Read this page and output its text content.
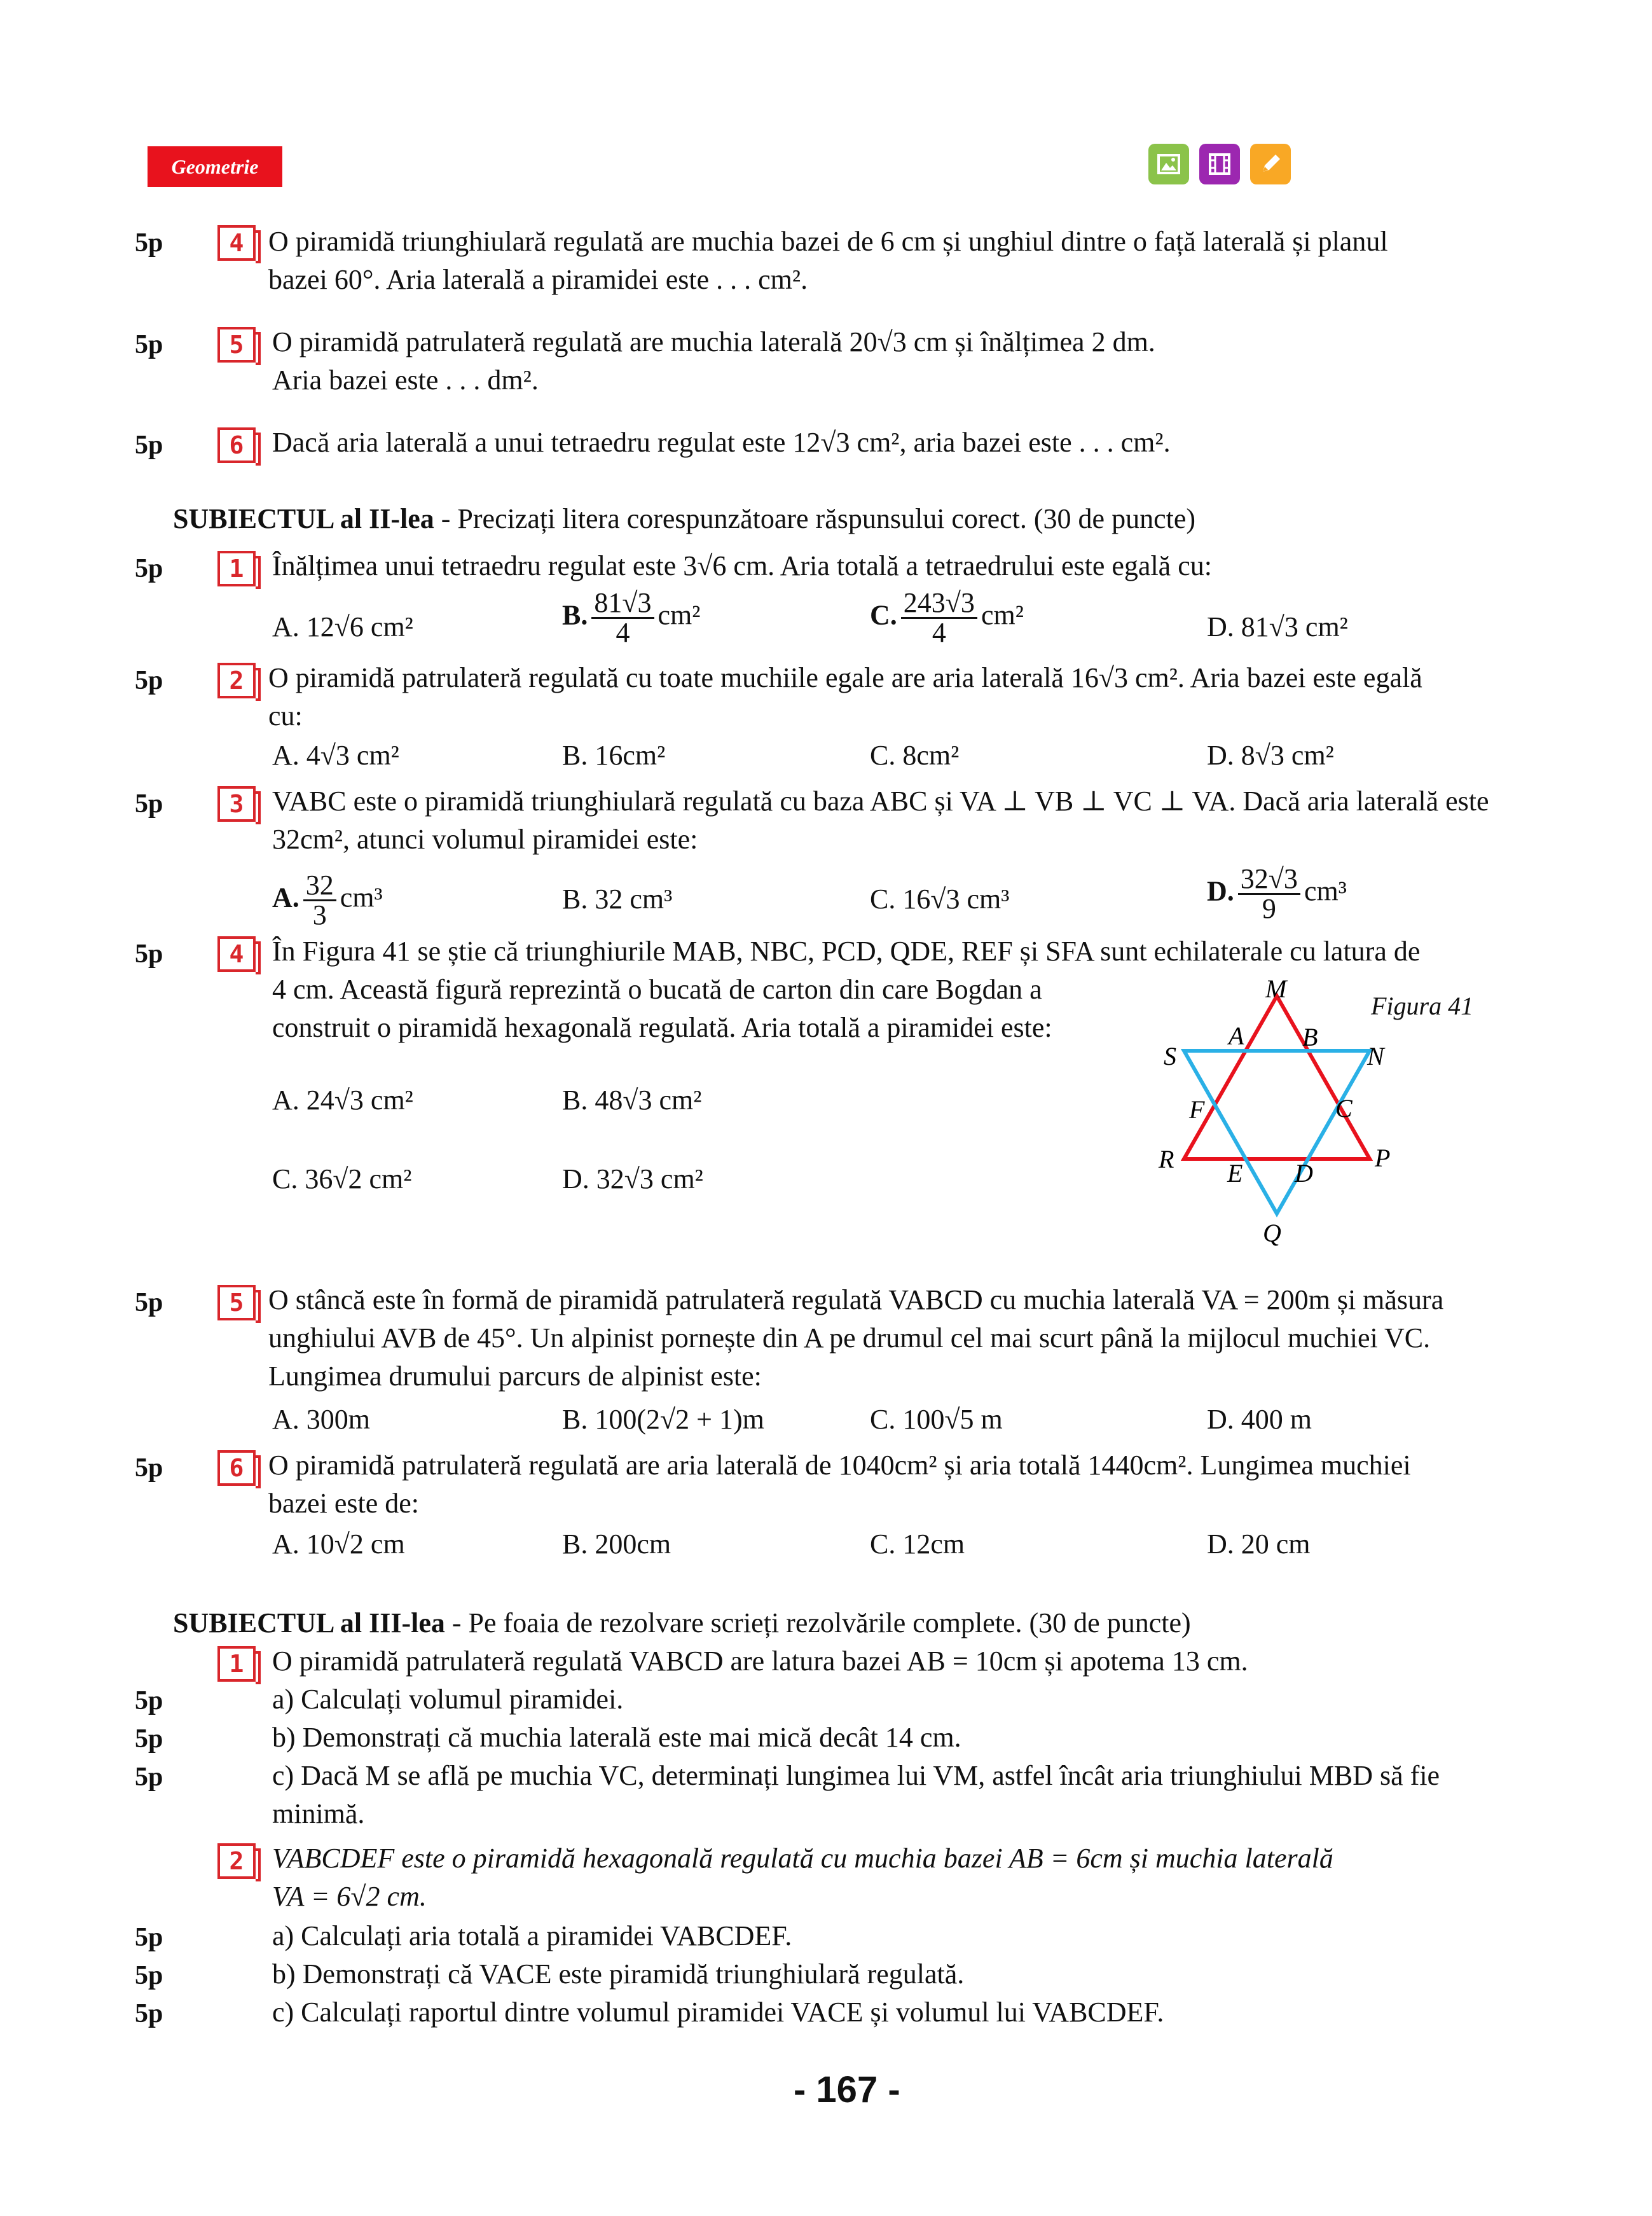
Geometrie
5p	4 O piramidă triunghiulară regulată are muchia bazei de 6 cm și unghiul dintre o față laterală și planul
bazei 60°. Aria laterală a piramidei este . . . cm².
5p	5	O piramidă patrulateră regulată are muchia laterală 20√3 cm și înălțimea 2 dm.
Aria bazei este . . . dm².
5p	6	Dacă aria laterală a unui tetraedru regulat este 12√3 cm², aria bazei este . . . cm².
SUBIECTUL al II-lea - Precizați litera corespunzătoare răspunsului corect. (30 de puncte)
5p	1	Înălțimea unui tetraedru regulat este 3√6 cm. Aria totală a tetraedrului este egală cu:
A. 12√6 cm²	B. $\frac{81√3}{4} cm^2$	C. $\frac{243√3}{4} cm^2$	D. 81√3 cm²
5p	2 O piramidă patrulateră regulată cu toate muchiile egale are aria laterală 16√3 cm². Aria bazei este egală
cu:
A. 4√3 cm²	B. 16cm²	C. 8cm²	D. 8√3 cm²
5p	3	VABC este o piramidă triunghiulară regulată cu baza ABC și VA ⊥ VB ⊥ VC ⊥ VA. Dacă aria laterală este
32cm², atunci volumul piramidei este:
A. $\frac{32}{3} cm^3$	B. 32 cm³	C. 16√3 cm³	D. $\frac{32√3}{9} cm^3$
5p	4	În Figura 41 se știe că triunghiurile MAB, NBC, PCD, QDE, REF și SFA sunt echilaterale cu latura de
4 cm. Această figură reprezintă o bucată de carton din care Bogdan a
construit o piramidă hexagonală regulată. Aria totală a piramidei este:
A. 24√3 cm²	B. 48√3 cm²
C. 36√2 cm²	D. 32√3 cm²
Figura 41
M
A B
N
S
F	C
R E D
P
Q
5p	5 O stâncă este în formă de piramidă patrulateră regulată VABCD cu muchia laterală VA = 200m și măsura
unghiului AVB de 45°. Un alpinist pornește din A pe drumul cel mai scurt până la mijlocul muchiei VC.
Lungimea drumului parcurs de alpinist este:
A. 300m	B. 100(2√2 + 1)m	C. 100√5 m	D. 400 m
5p	6 O piramidă patrulateră regulată are aria laterală de 1040cm² și aria totală 1440cm². Lungimea muchiei
bazei este de:
A. 10√2 cm	B. 200cm	C. 12cm	D. 20 cm
SUBIECTUL al III-lea - Pe foaia de rezolvare scrieți rezolvările complete. (30 de puncte)
1	O piramidă patrulateră regulată VABCD are latura bazei AB = 10cm și apotema 13 cm.
5p	a) Calculați volumul piramidei.
5p	b) Demonstrați că muchia laterală este mai mică decât 14 cm.
5p	c) Dacă M se află pe muchia VC, determinați lungimea lui VM, astfel încât aria triunghiului MBD să fie
minimă.
2	VABCDEF este o piramidă hexagonală regulată cu muchia bazei AB = 6cm și muchia laterală
VA = 6√2 cm.
5p	a) Calculați aria totală a piramidei VABCDEF.
5p	b) Demonstrați că VACE este piramidă triunghiulară regulată.
5p	c) Calculați raportul dintre volumul piramidei VACE și volumul lui VABCDEF.
- 167 -
